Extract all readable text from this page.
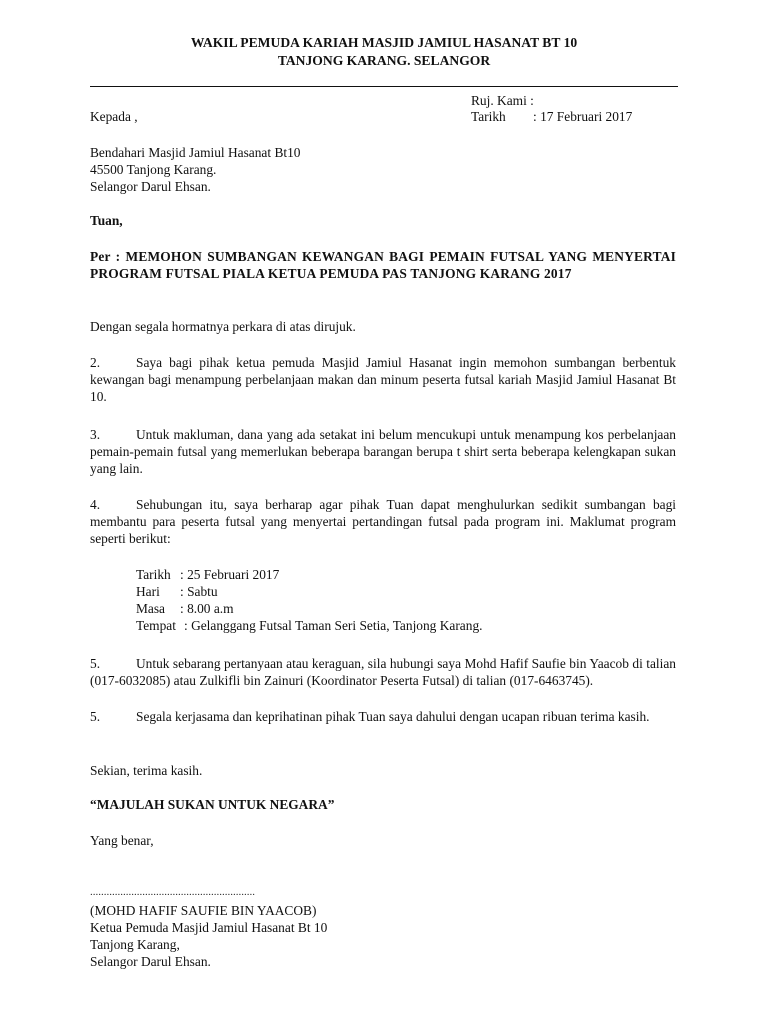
WAKIL PEMUDA KARIAH MASJID JAMIUL HASANAT BT 10
TANJONG KARANG. SELANGOR
Ruj. Kami :
Tarikh : 17 Februari 2017
Kepada ,
Bendahari Masjid Jamiul Hasanat Bt10
45500 Tanjong Karang.
Selangor Darul Ehsan.
Tuan,
Per : MEMOHON SUMBANGAN KEWANGAN BAGI PEMAIN FUTSAL YANG MENYERTAI PROGRAM FUTSAL PIALA KETUA PEMUDA PAS TANJONG KARANG 2017
Dengan segala hormatnya perkara di atas dirujuk.
2.	Saya bagi pihak ketua pemuda Masjid Jamiul Hasanat ingin memohon sumbangan berbentuk kewangan bagi menampung perbelanjaan makan dan minum peserta futsal kariah Masjid Jamiul Hasanat Bt 10.
3.	Untuk makluman, dana yang ada setakat ini belum mencukupi untuk menampung kos perbelanjaan pemain-pemain futsal yang memerlukan beberapa barangan berupa t shirt serta beberapa kelengkapan sukan yang lain.
4.	Sehubungan itu, saya berharap agar pihak Tuan dapat menghulurkan sedikit sumbangan bagi membantu para peserta futsal yang menyertai pertandingan futsal pada program ini. Maklumat program seperti berikut:
Tarikh : 25 Februari 2017
Hari : Sabtu
Masa : 8.00 a.m
Tempat : Gelanggang Futsal Taman Seri Setia, Tanjong Karang.
5.	Untuk sebarang pertanyaan atau keraguan, sila hubungi saya Mohd Hafif Saufie bin Yaacob di talian (017-6032085) atau Zulkifli bin Zainuri (Koordinator Peserta Futsal) di talian (017-6463745).
5.	Segala kerjasama dan keprihatinan pihak Tuan saya dahului dengan ucapan ribuan terima kasih.
Sekian, terima kasih.
“MAJULAH SUKAN UNTUK NEGARA”
Yang benar,
............................................................
(MOHD HAFIF SAUFIE BIN YAACOB)
Ketua Pemuda Masjid Jamiul Hasanat Bt 10
Tanjong Karang,
Selangor Darul Ehsan.
